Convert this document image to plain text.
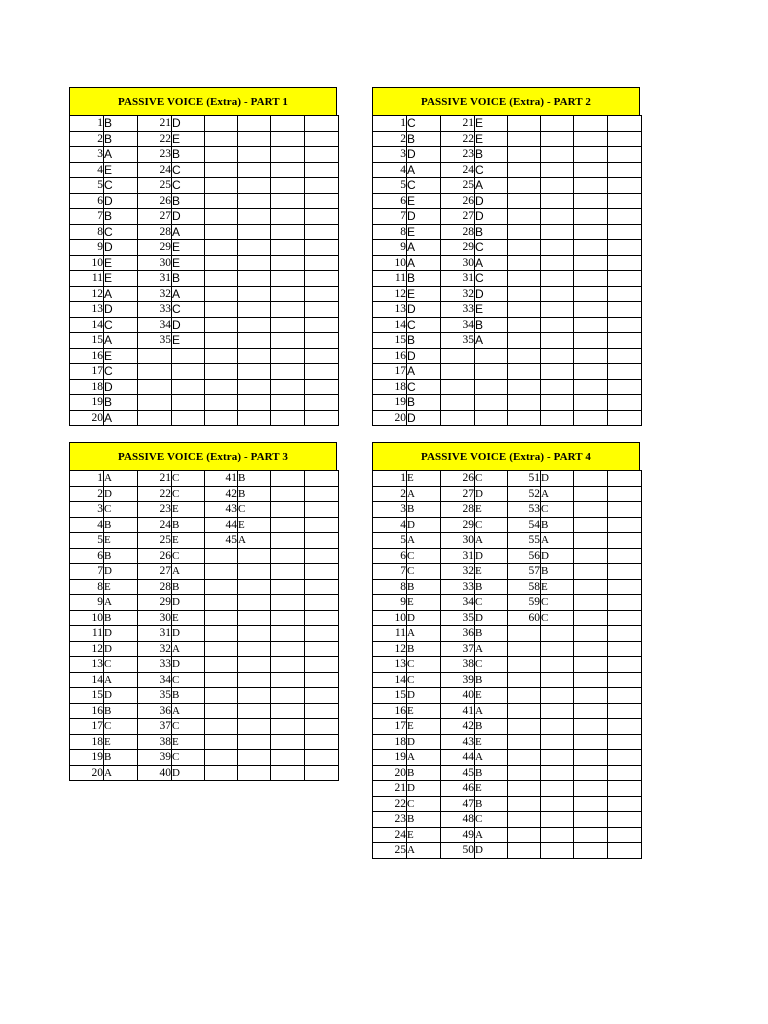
PASSIVE VOICE (Extra) - PART 1
1	B	21	D				
2	B	22	E				
3	A	23	B				
4	E	24	C				
5	C	25	C				
6	D	26	B				
7	B	27	D				
8	C	28	A				
9	D	29	E				
10	E	30	E				
11	E	31	B				
12	A	32	A				
13	D	33	C				
14	C	34	D				
15	A	35	E				
16	E						
17	C						
18	D						
19	B						
20	A						
PASSIVE VOICE (Extra) - PART 2
1	C	21	E				
2	B	22	E				
3	D	23	B				
4	A	24	C				
5	C	25	A				
6	E	26	D				
7	D	27	D				
8	E	28	B				
9	A	29	C				
10	A	30	A				
11	B	31	C				
12	E	32	D				
13	D	33	E				
14	C	34	B				
15	B	35	A				
16	D						
17	A						
18	C						
19	B						
20	D						
PASSIVE VOICE (Extra) - PART 3
1	A	21	C	41	B		
2	D	22	C	42	B		
3	C	23	E	43	C		
4	B	24	B	44	E		
5	E	25	E	45	A		
6	B	26	C				
7	D	27	A				
8	E	28	B				
9	A	29	D				
10	B	30	E				
11	D	31	D				
12	D	32	A				
13	C	33	D				
14	A	34	C				
15	D	35	B				
16	B	36	A				
17	C	37	C				
18	E	38	E				
19	B	39	C				
20	A	40	D				
PASSIVE VOICE (Extra) - PART 4
1	E	26	C	51	D		
2	A	27	D	52	A		
3	B	28	E	53	C		
4	D	29	C	54	B		
5	A	30	A	55	A		
6	C	31	D	56	D		
7	C	32	E	57	B		
8	B	33	B	58	E		
9	E	34	C	59	C		
10	D	35	D	60	C		
11	A	36	B				
12	B	37	A				
13	C	38	C				
14	C	39	B				
15	D	40	E				
16	E	41	A				
17	E	42	B				
18	D	43	E				
19	A	44	A				
20	B	45	B				
21	D	46	E				
22	C	47	B				
23	B	48	C				
24	E	49	A				
25	A	50	D				
